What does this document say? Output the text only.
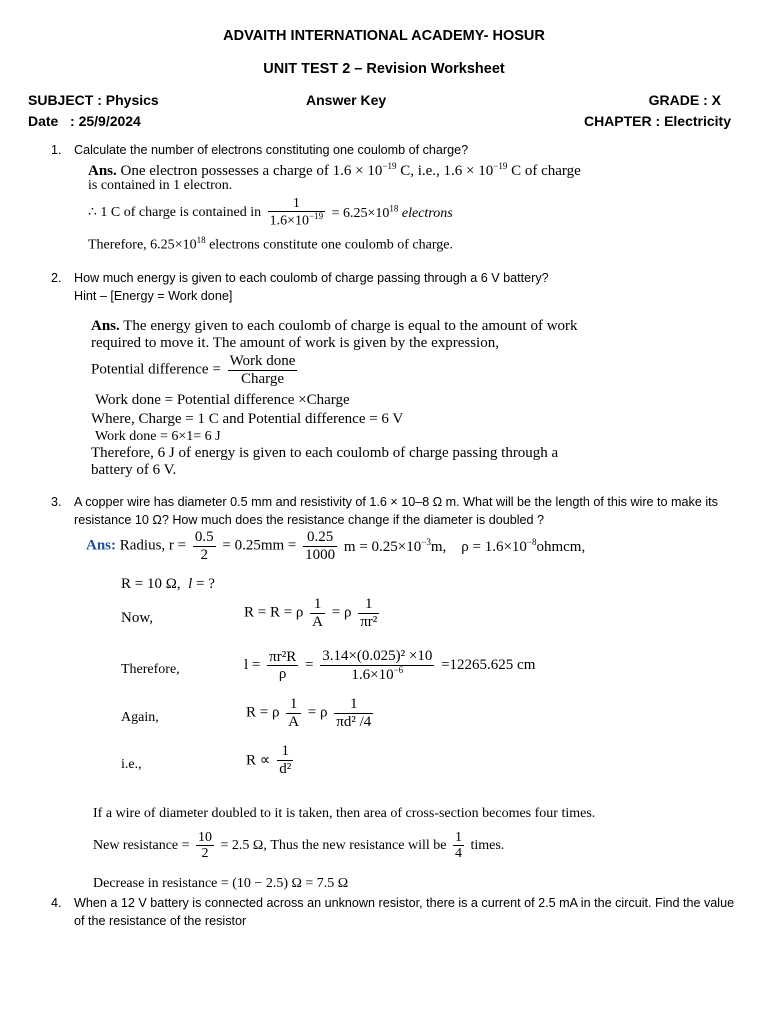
ADVAITH INTERNATIONAL ACADEMY- HOSUR
UNIT TEST 2 – Revision Worksheet
SUBJECT : Physics	Answer Key	GRADE : X
Date   : 25/9/2024	CHAPTER : Electricity
1. Calculate the number of electrons constituting one coulomb of charge?
Ans. One electron possesses a charge of $1.6 \times 10^{-19}$ C, i.e., $1.6 \times 10^{-19}$ C of charge
is contained in 1 electron.
∴ 1 C of charge is contained in $\frac{1}{1.6\times 10^{-19}} = 6.25\times 10^{18}$ electrons
Therefore, $6.25\times 10^{18}$ electrons constitute one coulomb of charge.
2. How much energy is given to each coulomb of charge passing through a 6 V battery?
Hint – [Energy = Work done]
Ans. The energy given to each coulomb of charge is equal to the amount of work
required to move it. The amount of work is given by the expression,
Potential difference = $\frac{\text{Work done}}{\text{Charge}}$
Work done = Potential difference ×Charge
Where, Charge = 1 C and Potential difference = 6 V
Work done = 6×1= 6 J
Therefore, 6 J of energy is given to each coulomb of charge passing through a
battery of 6 V.
3. A copper wire has diameter 0.5 mm and resistivity of 1.6 × 10–8 Ω m. What will be the length of this wire to make its
resistance 10 Ω? How much does the resistance change if the diameter is doubled ?
Ans: Radius, $r = \frac{0.5}{2} = 0.25mm = \frac{0.25}{1000}$ $m = 0.25\times 10^{-3}m$,    $\rho = 1.6\times 10^{-8}ohmcm$,
R = 10 Ω,  l = ?
Now,	R = R = ρ $\frac{1}{A} = \rho \frac{1}{\text{πr²}}$
Therefore,	$l = \frac{\text{πr²R}}{\rho} = \frac{\text{3.14×(0.025)² ×10}}{1.6\times 10^{-6}} =12265.625$ cm
Again,	R = ρ $\frac{1}{A} = \rho \frac{1}{\text{πd² /4}}$
i.e.,	$R \propto \frac{1}{\text{d²}}$
If a wire of diameter doubled to it is taken, then area of cross-section becomes four times.
New resistance = $\frac{10}{2} = 2.5$ Ω, Thus the new resistance will be $\frac{1}{4}$ times.
Decrease in resistance = (10 − 2.5) Ω = 7.5 Ω
4. When a 12 V battery is connected across an unknown resistor, there is a current of 2.5 mA in the circuit. Find the value
of the resistance of the resistor
